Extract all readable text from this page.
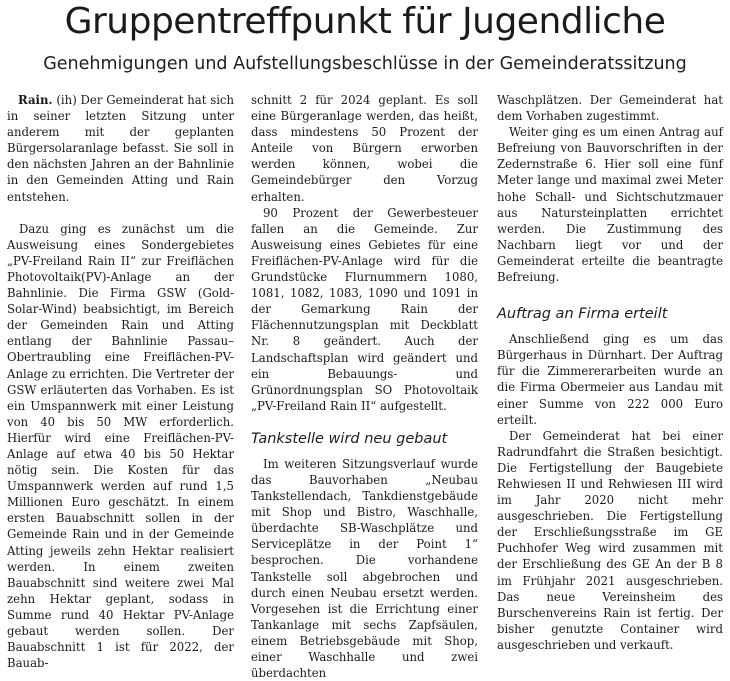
Gruppentreffpunkt für Jugendliche
Genehmigungen und Aufstellungsbeschlüsse in der Gemeinderatssitzung

Rain. (ih) Der Gemeinderat hat sich in seiner letzten Sitzung unter anderem mit der geplanten Bürgersolaranlage befasst. Sie soll in den nächsten Jahren an der Bahnlinie in den Gemeinden Atting und Rain entstehen.

Dazu ging es zunächst um die Ausweisung eines Sondergebietes „PV-Freiland Rain II“ zur Freiflächen Photovoltaik(PV)-Anlage an der Bahnlinie. Die Firma GSW (Gold-Solar-Wind) beabsichtigt, im Bereich der Gemeinden Rain und Atting entlang der Bahnlinie Passau–Obertraubling eine Freiflächen-PV-Anlage zu errichten. Die Vertreter der GSW erläuterten das Vorhaben. Es ist ein Umspannwerk mit einer Leistung von 40 bis 50 MW erforderlich. Hierfür wird eine Freiflächen-PV-Anlage auf etwa 40 bis 50 Hektar nötig sein. Die Kosten für das Umspannwerk werden auf rund 1,5 Millionen Euro geschätzt. In einem ersten Bauabschnitt sollen in der Gemeinde Rain und in der Gemeinde Atting jeweils zehn Hektar realisiert werden. In einem zweiten Bauabschnitt sind weitere zwei Mal zehn Hektar geplant, sodass in Summe rund 40 Hektar PV-Anlage gebaut werden sollen. Der Bauabschnitt 1 ist für 2022, der Bauab-

schnitt 2 für 2024 geplant. Es soll eine Bürgeranlage werden, das heißt, dass mindestens 50 Prozent der Anteile von Bürgern erworben werden können, wobei die Gemeindebürger den Vorzug erhalten.

90 Prozent der Gewerbesteuer fallen an die Gemeinde. Zur Ausweisung eines Gebietes für eine Freiflächen-PV-Anlage wird für die Grundstücke Flurnummern 1080, 1081, 1082, 1083, 1090 und 1091 in der Gemarkung Rain der Flächennutzungsplan mit Deckblatt Nr. 8 geändert. Auch der Landschaftsplan wird geändert und ein Bebauungs- und Grünordnungsplan SO Photovoltaik „PV-Freiland Rain II“ aufgestellt.

Tankstelle wird neu gebaut

Im weiteren Sitzungsverlauf wurde das Bauvorhaben „Neubau Tankstellendach, Tankdienstgebäude mit Shop und Bistro, Waschhalle, überdachte SB-Waschplätze und Serviceplätze in der Point 1“ besprochen. Die vorhandene Tankstelle soll abgebrochen und durch einen Neubau ersetzt werden. Vorgesehen ist die Errichtung einer Tankanlage mit sechs Zapfsäulen, einem Betriebsgebäude mit Shop, einer Waschhalle und zwei überdachten

Waschplätzen. Der Gemeinderat hat dem Vorhaben zugestimmt.

Weiter ging es um einen Antrag auf Befreiung von Bauvorschriften in der Zedernstraße 6. Hier soll eine fünf Meter lange und maximal zwei Meter hohe Schall- und Sichtschutzmauer aus Natursteinplatten errichtet werden. Die Zustimmung des Nachbarn liegt vor und der Gemeinderat erteilte die beantragte Befreiung.

Auftrag an Firma erteilt

Anschließend ging es um das Bürgerhaus in Dürnhart. Der Auftrag für die Zimmererarbeiten wurde an die Firma Obermeier aus Landau mit einer Summe von 222 000 Euro erteilt.

Der Gemeinderat hat bei einer Radrundfahrt die Straßen besichtigt. Die Fertigstellung der Baugebiete Rehwiesen II und Rehwiesen III wird im Jahr 2020 nicht mehr ausgeschrieben. Die Fertigstellung der Erschließungsstraße im GE Puchhofer Weg wird zusammen mit der Erschließung des GE An der B 8 im Frühjahr 2021 ausgeschrieben. Das neue Vereinsheim des Burschenvereins Rain ist fertig. Der bisher genutzte Container wird ausgeschrieben und verkauft.
